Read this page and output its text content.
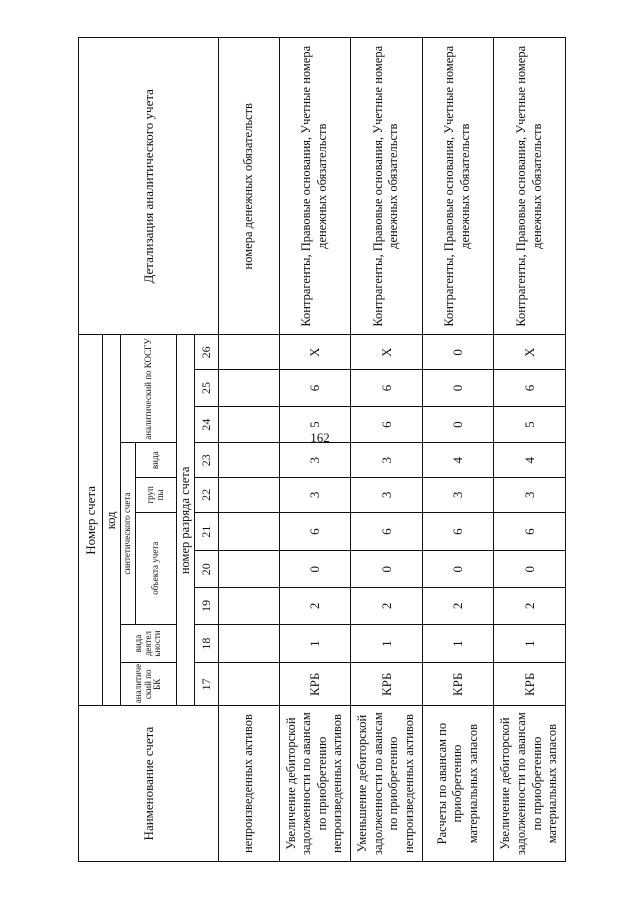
162
Наименование счета	Номер счета										Детализация аналитического учета
	код										
	аналитиче ский по БК	вида деятел ьности	синтетического счета					аналитический по КОСГУ			
			объекта учета			груп пы	вида				
	номер разряда счета										
	17	18	19	20	21	22	23	24	25	26	
непроизведенных активов											номера денежных обязательств
Увеличение дебиторской задолженности по авансам по приобретению непроизведенных активов	КРБ	1	2	0	6	3	3	5	6	Х	Контрагенты, Правовые основания, Учетные номера денежных обязательств
Уменьшение дебиторской задолженности по авансам по приобретению непроизведенных активов	КРБ	1	2	0	6	3	3	6	6	Х	Контрагенты, Правовые основания, Учетные номера денежных обязательств
Расчеты по авансам по приобретению материальных запасов	КРБ	1	2	0	6	3	4	0	0	0	Контрагенты, Правовые основания, Учетные номера денежных обязательств
Увеличение дебиторской задолженности по авансам по приобретению материальных запасов	КРБ	1	2	0	6	3	4	5	6	Х	Контрагенты, Правовые основания, Учетные номера денежных обязательств
